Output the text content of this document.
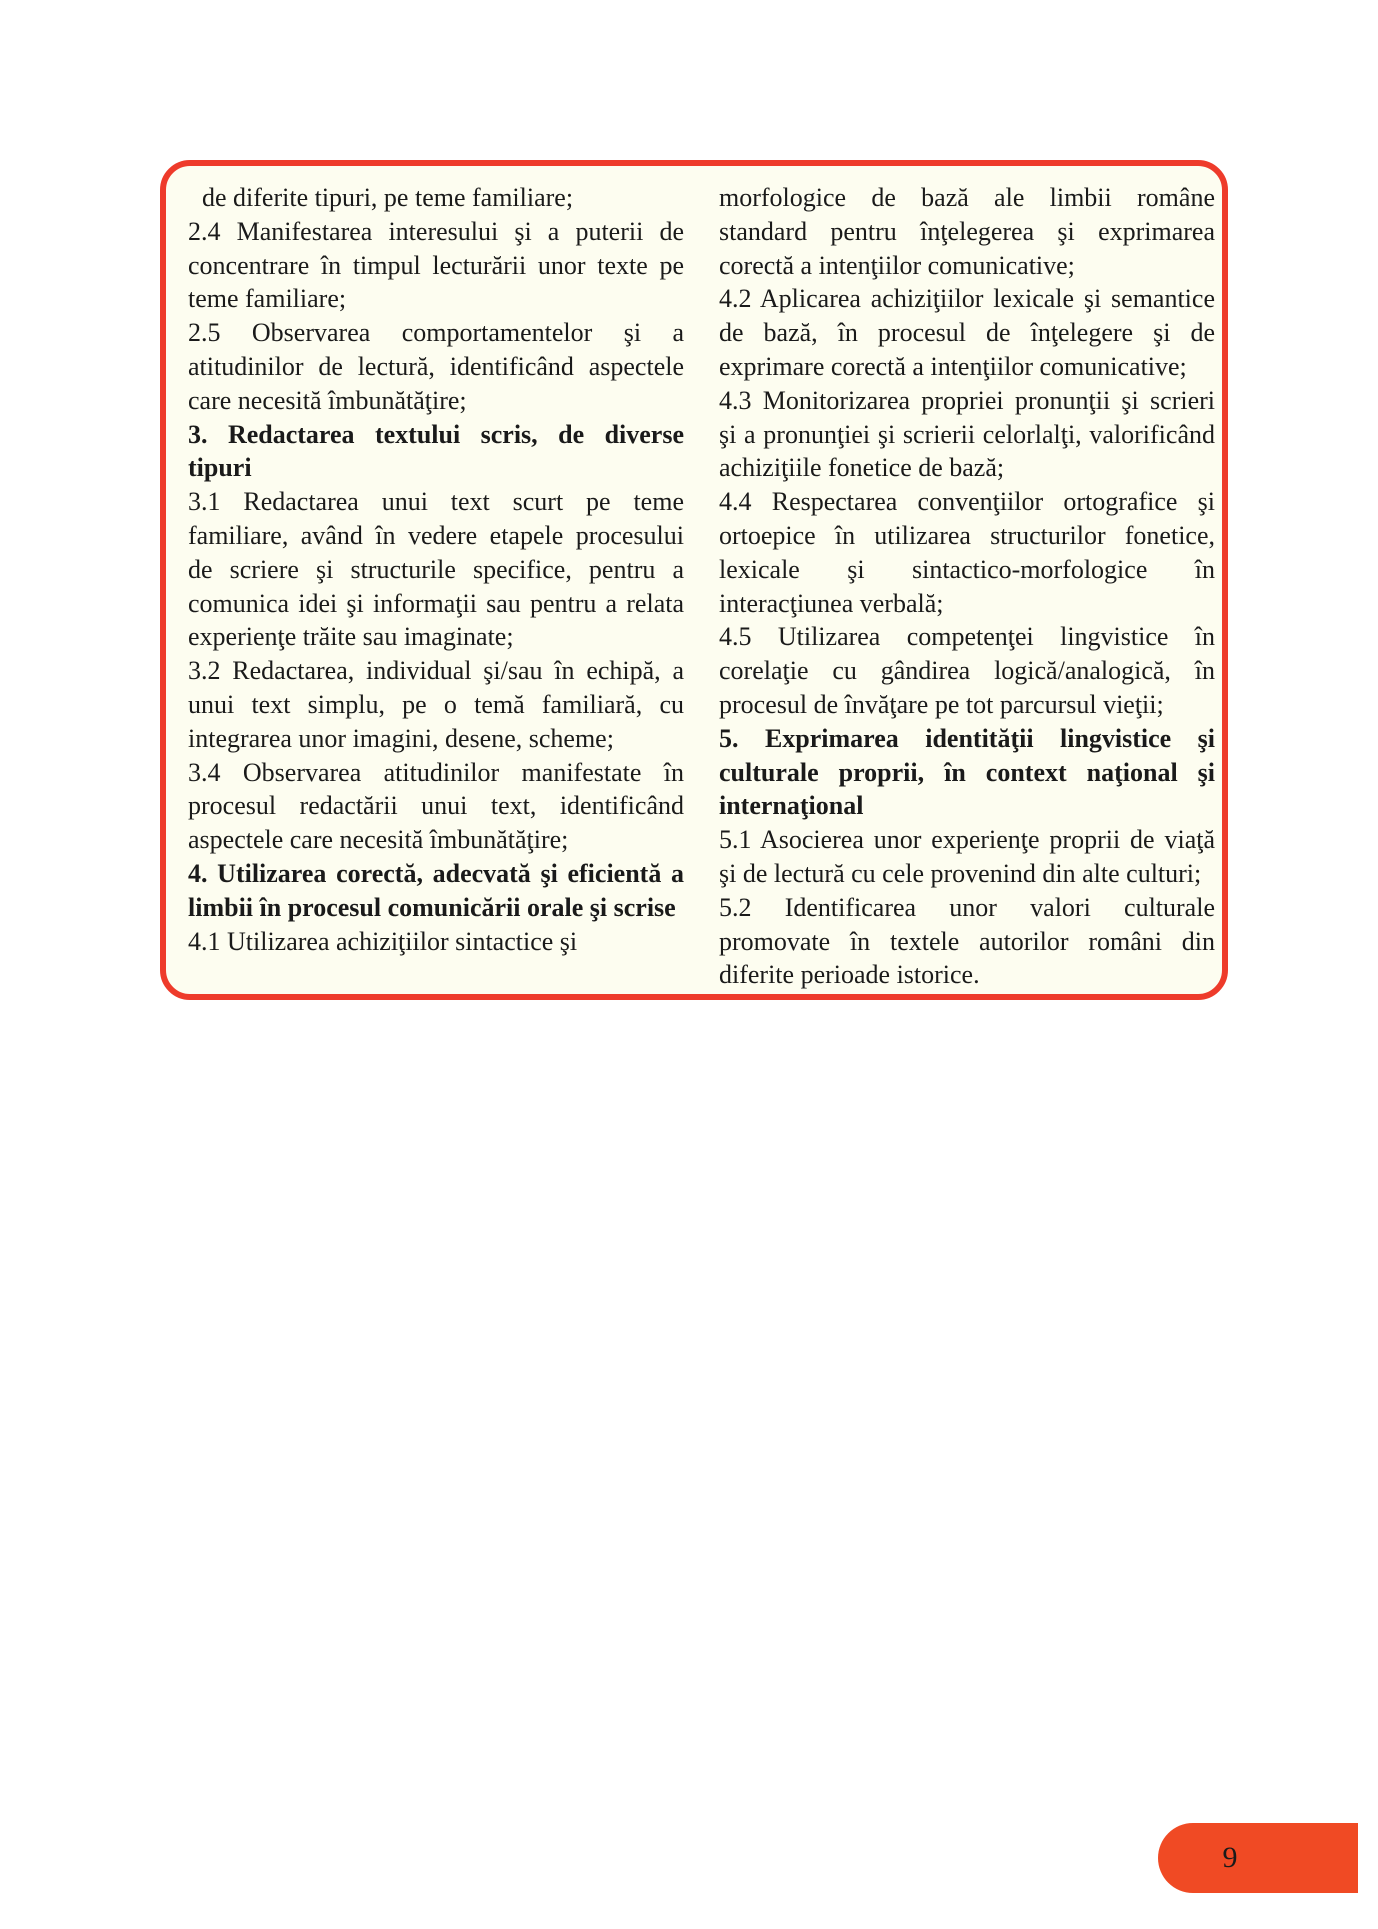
de diferite tipuri, pe teme familiare;

2.4 Manifestarea interesului şi a puterii de concentrare în timpul lecturării unor texte pe teme familiare;

2.5 Observarea comportamentelor şi a atitudinilor de lectură, identificând aspectele care necesită îmbunătăţire;

3. Redactarea textului scris, de diverse tipuri

3.1 Redactarea unui text scurt pe teme familiare, având în vedere etapele procesului de scriere şi structurile specifice, pentru a comunica idei şi informaţii sau pentru a relata experienţe trăite sau imaginate;

3.2 Redactarea, individual şi/sau în echipă, a unui text simplu, pe o temă familiară, cu integrarea unor imagini, desene, scheme;

3.4 Observarea atitudinilor manifestate în procesul redactării unui text, identificând aspectele care necesită îmbunătăţire;

4. Utilizarea corectă, adecvată şi eficientă a limbii în procesul comunicării orale şi scrise

4.1 Utilizarea achiziţiilor sintactice şi

morfologice de bază ale limbii române standard pentru înţelegerea şi exprimarea corectă a intenţiilor comunicative;

4.2 Aplicarea achiziţiilor lexicale şi semantice de bază, în procesul de înţelegere şi de exprimare corectă a intenţiilor comunicative;

4.3 Monitorizarea propriei pronunţii şi scrieri şi a pronunţiei şi scrierii celorlalţi, valorificând achiziţiile fonetice de bază;

4.4 Respectarea convenţiilor ortografice şi ortoepice în utilizarea structurilor fonetice, lexicale şi sintactico-morfologice în interacţiunea verbală;

4.5 Utilizarea competenţei lingvistice în corelaţie cu gândirea logică/analogică, în procesul de învăţare pe tot parcursul vieţii;

5. Exprimarea identităţii lingvistice şi culturale proprii, în context naţional şi internaţional

5.1 Asocierea unor experienţe proprii de viaţă şi de lectură cu cele provenind din alte culturi;

5.2 Identificarea unor valori culturale promovate în textele autorilor români din diferite perioade istorice.

9
